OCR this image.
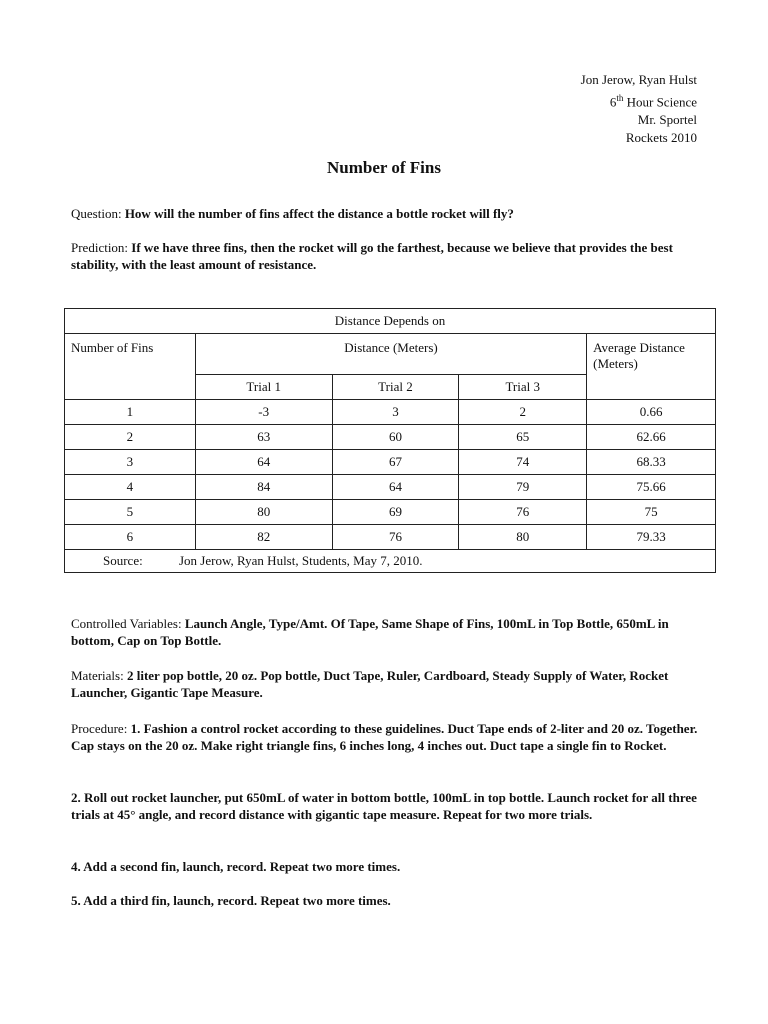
Jon Jerow, Ryan Hulst
6th Hour Science
Mr. Sportel
Rockets 2010
Number of Fins
Question: How will the number of fins affect the distance a bottle rocket will fly?
Prediction: If we have three fins, then the rocket will go the farthest, because we believe that provides the best stability, with the least amount of resistance.
Distance Depends on				
Number of Fins	Distance (Meters)			Average Distance (Meters)
	Trial 1	Trial 2	Trial 3	
1	-3	3	2	0.66
2	63	60	65	62.66
3	64	67	74	68.33
4	84	64	79	75.66
5	80	69	76	75
6	82	76	80	79.33
Source: Jon Jerow, Ryan Hulst, Students, May 7, 2010.				
Controlled Variables: Launch Angle, Type/Amt. Of Tape, Same Shape of Fins, 100mL in Top Bottle, 650mL in bottom, Cap on Top Bottle.
Materials: 2 liter pop bottle, 20 oz. Pop bottle, Duct Tape, Ruler, Cardboard, Steady Supply of Water, Rocket Launcher, Gigantic Tape Measure.
Procedure: 1. Fashion a control rocket according to these guidelines. Duct Tape ends of 2-liter and 20 oz. Together. Cap stays on the 20 oz. Make right triangle fins, 6 inches long, 4 inches out. Duct tape a single fin to Rocket.
2. Roll out rocket launcher, put 650mL of water in bottom bottle, 100mL in top bottle. Launch rocket for all three trials at 45° angle, and record distance with gigantic tape measure. Repeat for two more trials.
4. Add a second fin, launch, record. Repeat two more times.
5. Add a third fin, launch, record. Repeat two more times.
